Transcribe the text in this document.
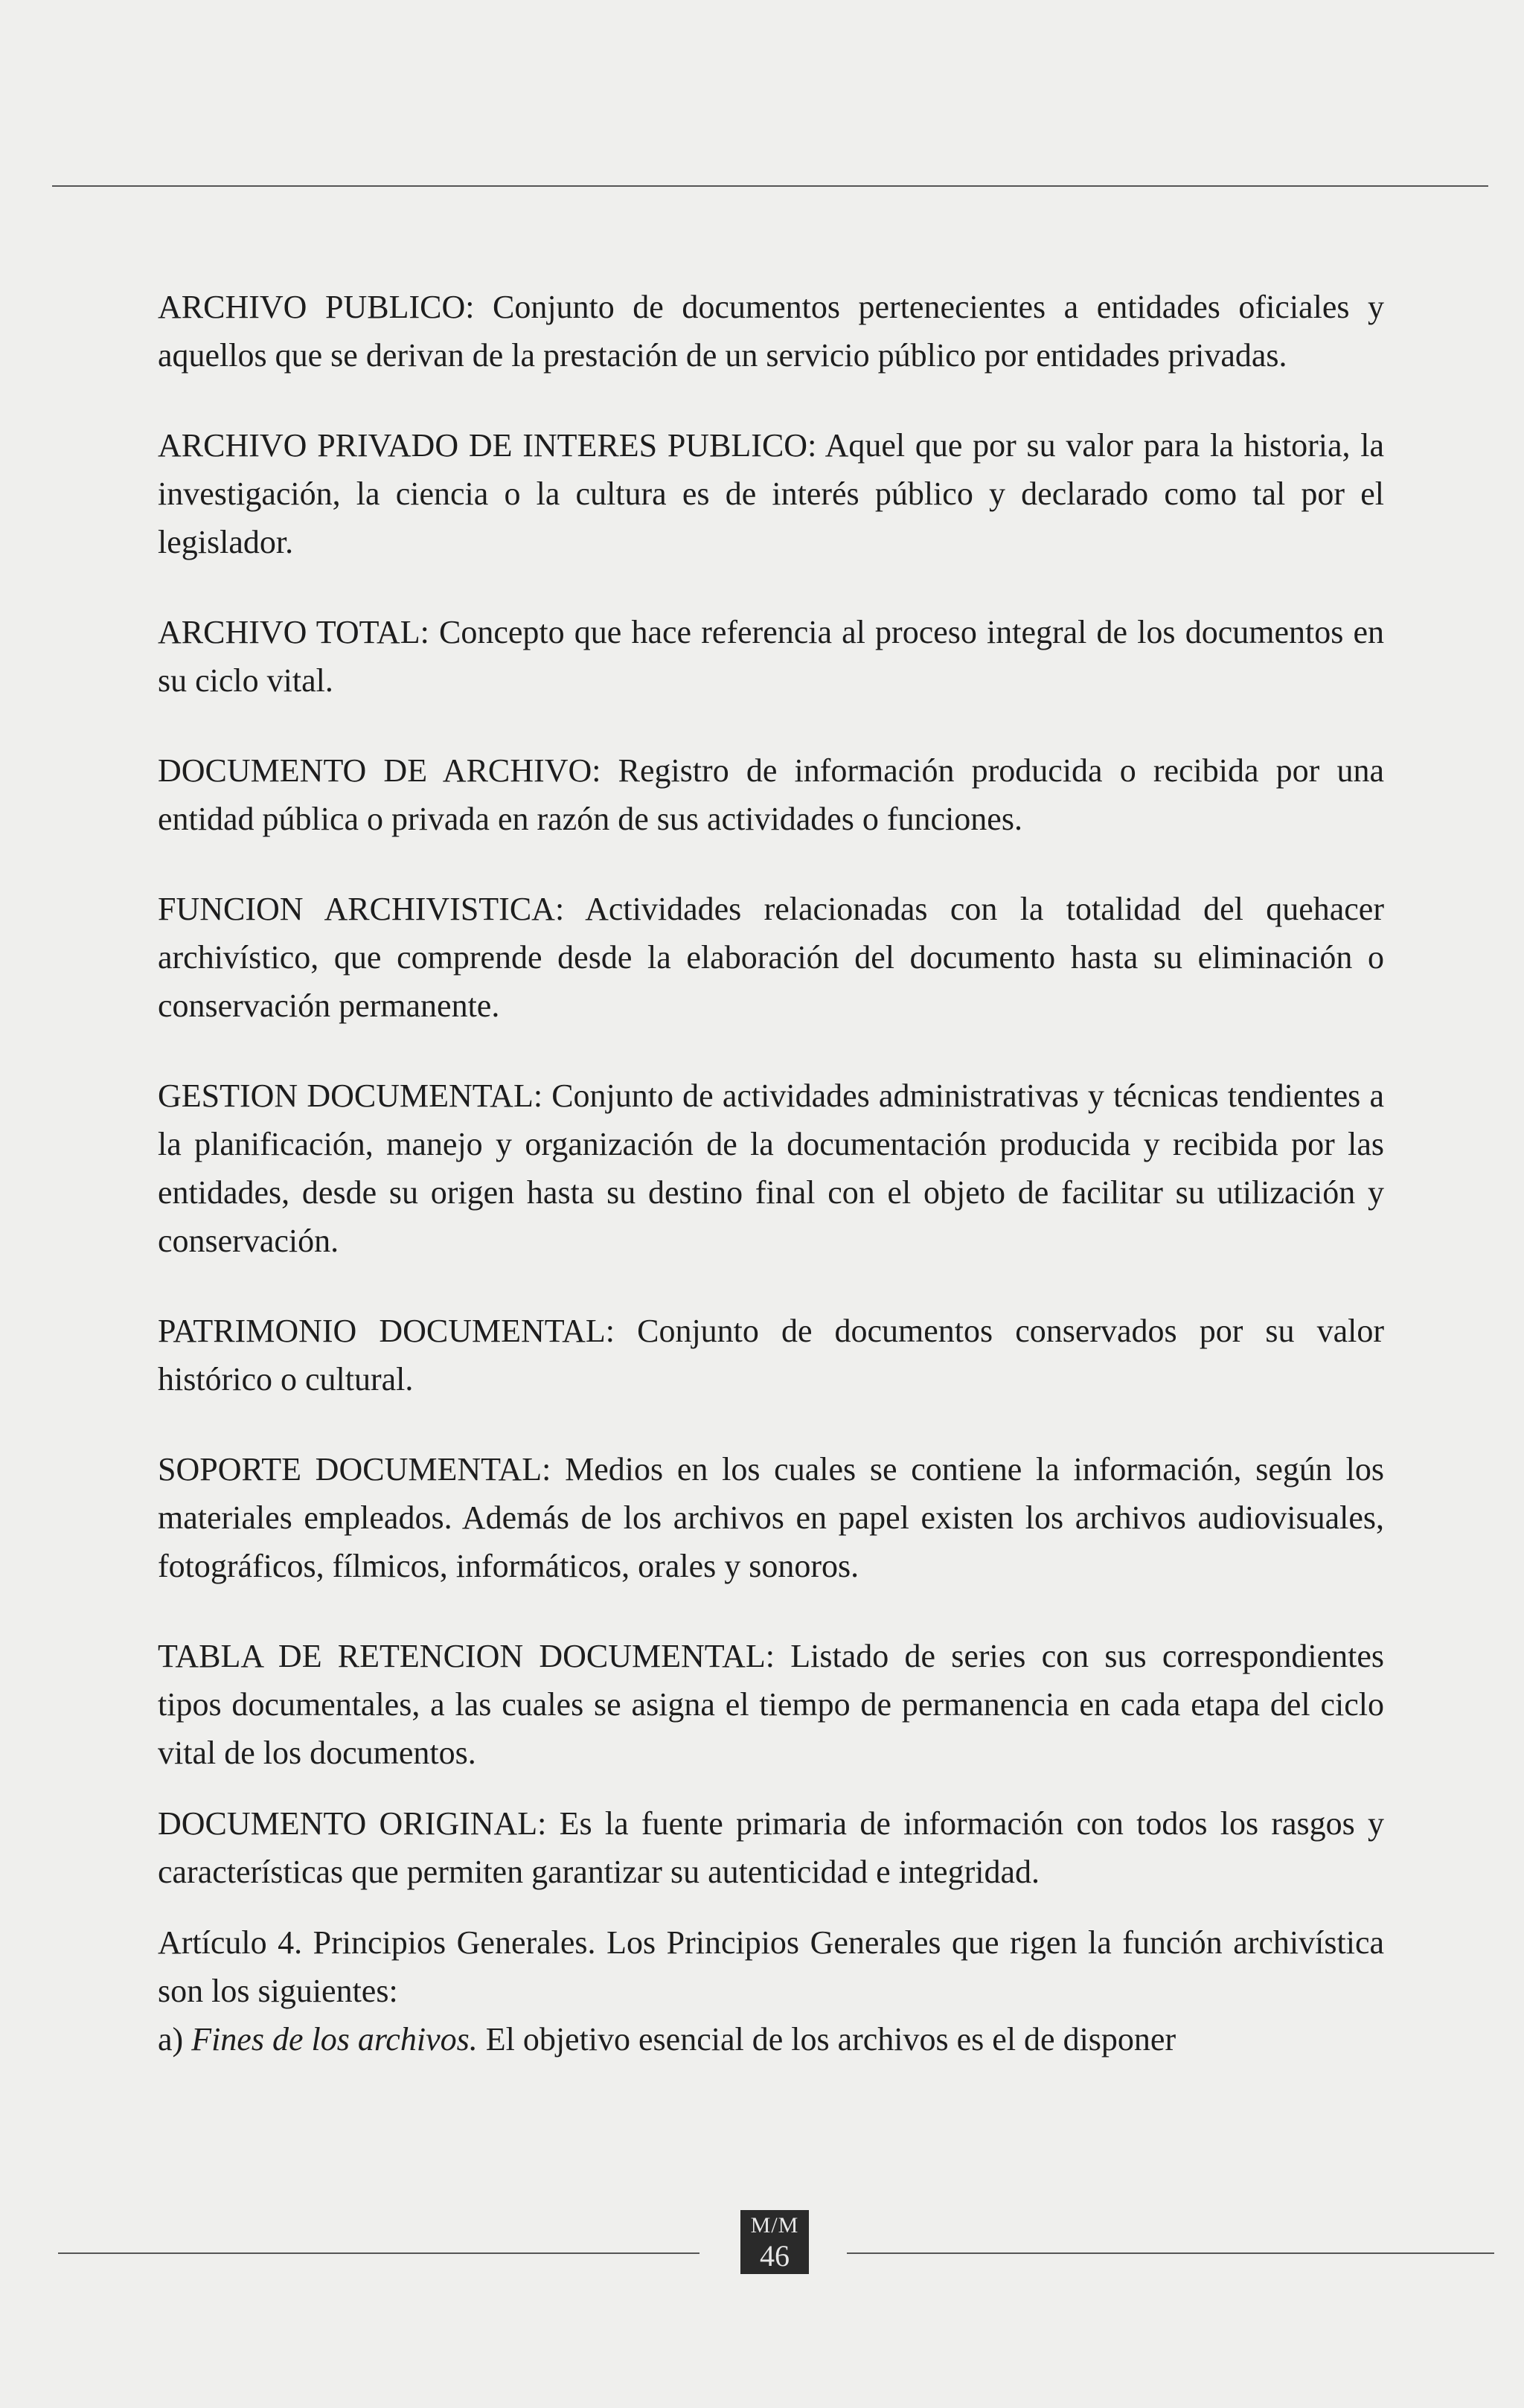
ARCHIVO PUBLICO: Conjunto de documentos pertenecientes a entidades oficiales y aquellos que se derivan de la prestación de un servicio público por entidades privadas.

ARCHIVO PRIVADO DE INTERES PUBLICO: Aquel que por su valor para la historia, la investigación, la ciencia o la cultura es de interés público y declarado como tal por el legislador.

ARCHIVO TOTAL: Concepto que hace referencia al proceso integral de los documentos en su ciclo vital.

DOCUMENTO DE ARCHIVO: Registro de información producida o recibida por una entidad pública o privada en razón de sus actividades o funciones.

FUNCION ARCHIVISTICA: Actividades relacionadas con la totalidad del quehacer archivístico, que comprende desde la elaboración del documento hasta su eliminación o conservación permanente.

GESTION DOCUMENTAL: Conjunto de actividades administrativas y técnicas tendientes a la planificación, manejo y organización de la documentación producida y recibida por las entidades, desde su origen hasta su destino final con el objeto de facilitar su utilización y conservación.

PATRIMONIO DOCUMENTAL: Conjunto de documentos conservados por su valor histórico o cultural.

SOPORTE DOCUMENTAL: Medios en los cuales se contiene la información, según los materiales empleados. Además de los archivos en papel existen los archivos audiovisuales, fotográficos, fílmicos, informáticos, orales y sonoros.

TABLA DE RETENCION DOCUMENTAL: Listado de series con sus correspondientes tipos documentales, a las cuales se asigna el tiempo de permanencia en cada etapa del ciclo vital de los documentos.

DOCUMENTO ORIGINAL: Es la fuente primaria de información con todos los rasgos y características que permiten garantizar su autenticidad e integridad.

Artículo 4. Principios Generales. Los Principios Generales que rigen la función archivística son los siguientes:
a) Fines de los archivos. El objetivo esencial de los archivos es el de disponer

M/M
46
